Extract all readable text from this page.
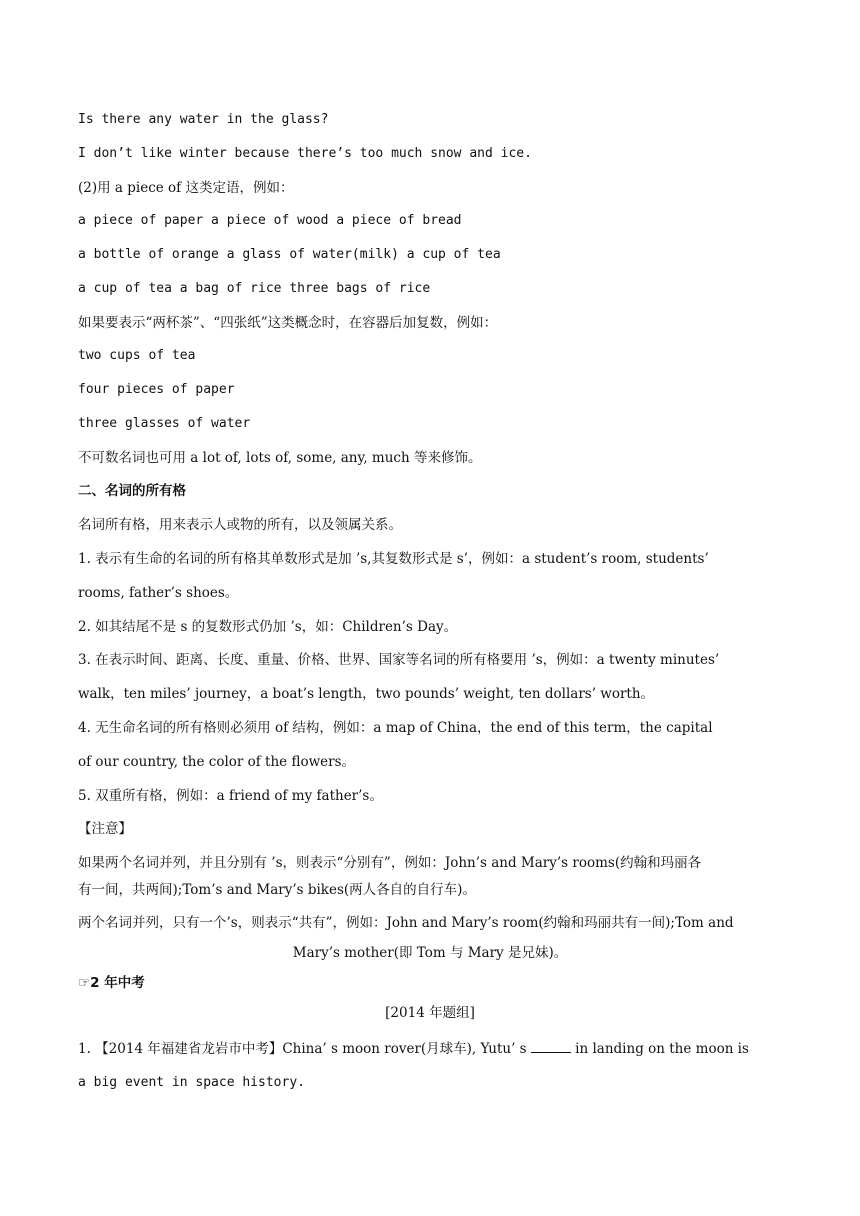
Is there any water in the glass?
I don’t like winter because there’s too much snow and ice.
(2)用 a piece of 这类定语，例如：
a piece of paper a piece of wood a piece of bread
a bottle of orange a glass of water(milk) a cup of tea
a cup of tea a bag of rice three bags of rice
如果要表示“两杯茶”、“四张纸”这类概念时，在容器后加复数，例如：
two cups of tea
four pieces of paper
three glasses of water
不可数名词也可用 a lot of, lots of, some, any, much 等来修饰。
二、名词的所有格
名词所有格，用来表示人或物的所有，以及领属关系。
1. 表示有生命的名词的所有格其单数形式是加 ’s,其复数形式是 s’，例如：a student’s room, students’
rooms, father’s shoes。
2. 如其结尾不是 s 的复数形式仍加 ’s，如：Children’s Day。
3. 在表示时间、距离、长度、重量、价格、世界、国家等名词的所有格要用 ’s，例如：a twenty minutes’
walk，ten miles’ journey，a boat’s length，two pounds’ weight, ten dollars’ worth。
4. 无生命名词的所有格则必须用 of 结构，例如：a map of China，the end of this term，the capital
of our country, the color of the flowers。
5. 双重所有格，例如：a friend of my father’s。
【注意】
如果两个名词并列，并且分别有 ’s，则表示“分别有”，例如：John’s and Mary’s rooms(约翰和玛丽各
有一间，共两间);Tom’s and Mary’s bikes(两人各自的自行车)。
两个名词并列，只有一个’s，则表示“共有”，例如：John and Mary’s room(约翰和玛丽共有一间);Tom and
Mary’s mother(即 Tom 与 Mary 是兄妹)。
☞2 年中考
[2014 年题组]
1. 【2014 年福建省龙岩市中考】China’ s moon rover(月球车), Yutu’ s	in landing on the moon is
a big event in space history.
